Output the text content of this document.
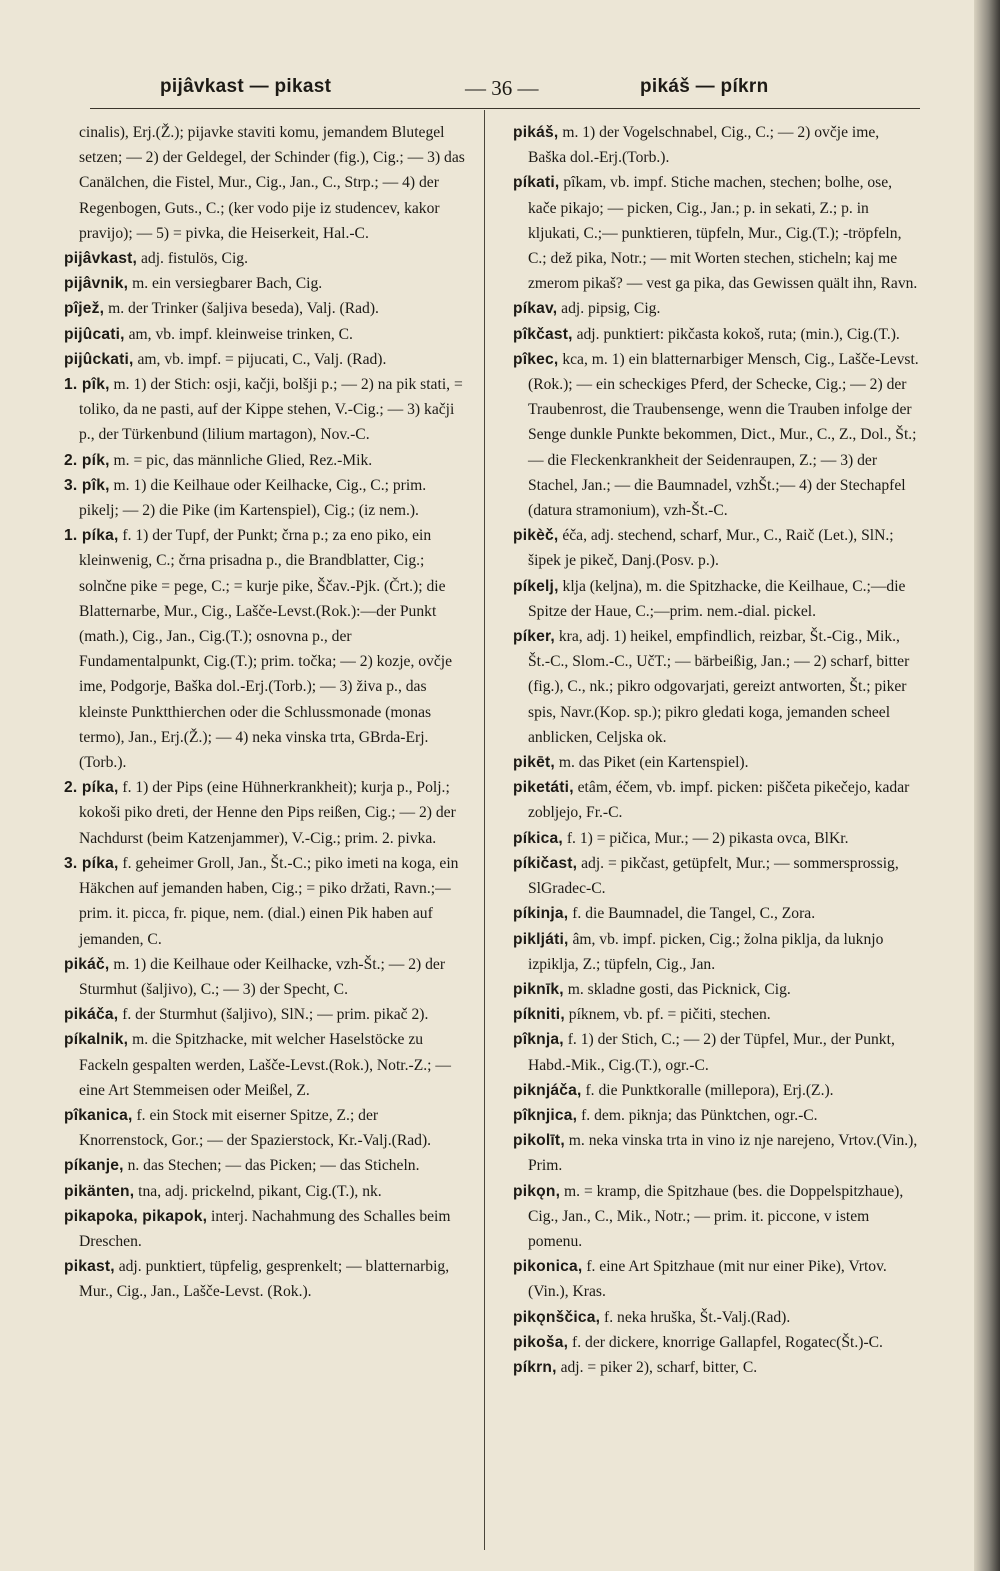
pijâvkast — pikast	— 36 —	pikáš — píkrn

cinalis), Erj.(Ž.); pijavke staviti komu, jemandem Blutegel setzen; — 2) der Geldegel, der Schinder (fig.), Cig.; — 3) das Canälchen, die Fistel, Mur., Cig., Jan., C., Strp.; — 4) der Regenbogen, Guts., C.; (ker vodo pije iz studencev, kakor pravijo); — 5) = pivka, die Heiserkeit, Hal.-C.

pijâvkast, adj. fistulös, Cig.

pijâvnik, m. ein versiegbarer Bach, Cig.

pîjež, m. der Trinker (šaljiva beseda), Valj. (Rad).

pijûcati, am, vb. impf. kleinweise trinken, C.

pijûckati, am, vb. impf. = pijucati, C., Valj. (Rad).

1. pîk, m. 1) der Stich: osji, kačji, bolšji p.; — 2) na pik stati, = toliko, da ne pasti, auf der Kippe stehen, V.-Cig.; — 3) kačji p., der Türkenbund (lilium martagon), Nov.-C.

2. pík, m. = pic, das männliche Glied, Rez.-Mik.

3. pîk, m. 1) die Keilhaue oder Keilhacke, Cig., C.; prim. pikelj; — 2) die Pike (im Kartenspiel), Cig.; (iz nem.).

1. píka, f. 1) der Tupf, der Punkt; črna p.; za eno piko, ein kleinwenig, C.; črna prisadna p., die Brandblatter, Cig.; solnčne pike = pege, C.; = kurje pike, Ščav.-Pjk. (Črt.); die Blatternarbe, Mur., Cig., Lašče-Levst.(Rok.):—der Punkt (math.), Cig., Jan., Cig.(T.); osnovna p., der Fundamentalpunkt, Cig.(T.); prim. točka; — 2) kozje, ovčje ime, Podgorje, Baška dol.-Erj.(Torb.); — 3) živa p., das kleinste Punktthierchen oder die Schlussmonade (monas termo), Jan., Erj.(Ž.); — 4) neka vinska trta, GBrda-Erj.(Torb.).

2. píka, f. 1) der Pips (eine Hühnerkrankheit); kurja p., Polj.; kokoši piko dreti, der Henne den Pips reißen, Cig.; — 2) der Nachdurst (beim Katzenjammer), V.-Cig.; prim. 2. pivka.

3. píka, f. geheimer Groll, Jan., Št.-C.; piko imeti na koga, ein Häkchen auf jemanden haben, Cig.; = piko držati, Ravn.;—prim. it. picca, fr. pique, nem. (dial.) einen Pik haben auf jemanden, C.

pikáč, m. 1) die Keilhaue oder Keilhacke, vzh-Št.; — 2) der Sturmhut (šaljivo), C.; — 3) der Specht, C.

pikáča, f. der Sturmhut (šaljivo), SlN.; — prim. pikač 2).

píkalnik, m. die Spitzhacke, mit welcher Haselstöcke zu Fackeln gespalten werden, Lašče-Levst.(Rok.), Notr.-Z.; — eine Art Stemmeisen oder Meißel, Z.

pîkanica, f. ein Stock mit eiserner Spitze, Z.; der Knorrenstock, Gor.; — der Spazierstock, Kr.-Valj.(Rad).

píkanje, n. das Stechen; — das Picken; — das Sticheln.

pikänten, tna, adj. prickelnd, pikant, Cig.(T.), nk.

pikapoka, pikapok, interj. Nachahmung des Schalles beim Dreschen.

pikast, adj. punktiert, tüpfelig, gesprenkelt; — blatternarbig, Mur., Cig., Jan., Lašče-Levst. (Rok.).

pikáš, m. 1) der Vogelschnabel, Cig., C.; — 2) ovčje ime, Baška dol.-Erj.(Torb.).

píkati, pîkam, vb. impf. Stiche machen, stechen; bolhe, ose, kače pikajo; — picken, Cig., Jan.; p. in sekati, Z.; p. in kljukati, C.;— punktieren, tüpfeln, Mur., Cig.(T.); -tröpfeln, C.; dež pika, Notr.; — mit Worten stechen, sticheln; kaj me zmerom pikaš? — vest ga pika, das Gewissen quält ihn, Ravn.

píkav, adj. pipsig, Cig.

pîkčast, adj. punktiert: pikčasta kokoš, ruta; (min.), Cig.(T.).

pîkec, kca, m. 1) ein blatternarbiger Mensch, Cig., Lašče-Levst.(Rok.); — ein scheckiges Pferd, der Schecke, Cig.; — 2) der Traubenrost, die Traubensenge, wenn die Trauben infolge der Senge dunkle Punkte bekommen, Dict., Mur., C., Z., Dol., Št.; — die Fleckenkrankheit der Seidenraupen, Z.; — 3) der Stachel, Jan.; — die Baumnadel, vzhŠt.;— 4) der Stechapfel (datura stramonium), vzh-Št.-C.

pikèč, éča, adj. stechend, scharf, Mur., C., Raič (Let.), SlN.; šipek je pikeč, Danj.(Posv. p.).

píkelj, klja (keljna), m. die Spitzhacke, die Keilhaue, C.;—die Spitze der Haue, C.;—prim. nem.-dial. pickel.

píker, kra, adj. 1) heikel, empfindlich, reizbar, Št.-Cig., Mik., Št.-C., Slom.-C., UčT.; — bärbeißig, Jan.; — 2) scharf, bitter (fig.), C., nk.; pikro odgovarjati, gereizt antworten, Št.; piker spis, Navr.(Kop. sp.); pikro gledati koga, jemanden scheel anblicken, Celjska ok.

pikēt, m. das Piket (ein Kartenspiel).

piketáti, etâm, éčem, vb. impf. picken: piščeta pikečejo, kadar zobljejo, Fr.-C.

píkica, f. 1) = pičica, Mur.; — 2) pikasta ovca, BlKr.

píkičast, adj. = pikčast, getüpfelt, Mur.; — sommersprossig, SlGradec-C.

píkinja, f. die Baumnadel, die Tangel, C., Zora.

pikljáti, âm, vb. impf. picken, Cig.; žolna piklja, da luknjo izpiklja, Z.; tüpfeln, Cig., Jan.

piknīk, m. skladne gosti, das Picknick, Cig.

píkniti, píknem, vb. pf. = pičiti, stechen.

pîknja, f. 1) der Stich, C.; — 2) der Tüpfel, Mur., der Punkt, Habd.-Mik., Cig.(T.), ogr.-C.

piknjáča, f. die Punktkoralle (millepora), Erj.(Z.).

pîknjica, f. dem. piknja; das Pünktchen, ogr.-C.

pikolīt, m. neka vinska trta in vino iz nje narejeno, Vrtov.(Vin.), Prim.

pikǫn, m. = kramp, die Spitzhaue (bes. die Doppelspitzhaue), Cig., Jan., C., Mik., Notr.; — prim. it. piccone, v istem pomenu.

pikonica, f. eine Art Spitzhaue (mit nur einer Pike), Vrtov.(Vin.), Kras.

pikǫnščica, f. neka hruška, Št.-Valj.(Rad).

pikoša, f. der dickere, knorrige Gallapfel, Rogatec(Št.)-C.

píkrn, adj. = piker 2), scharf, bitter, C.
